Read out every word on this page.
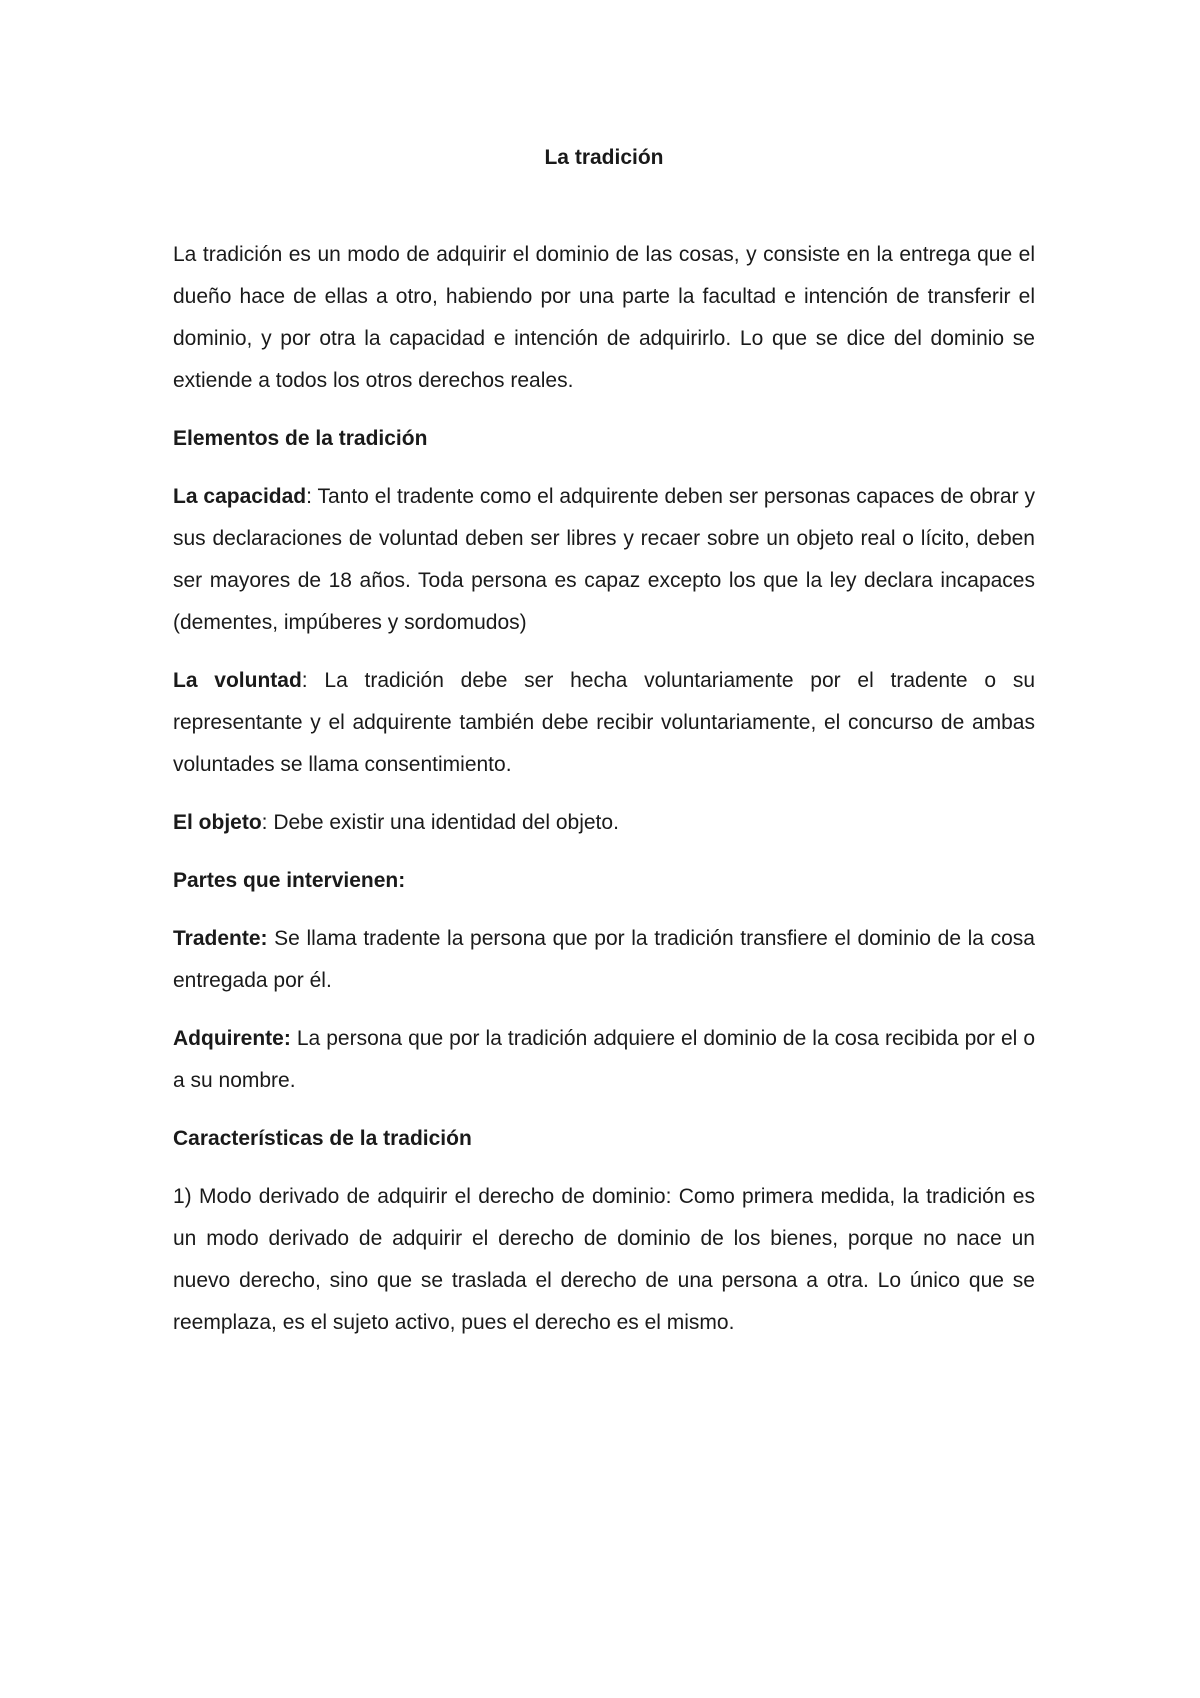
La tradición

La tradición es un modo de adquirir el dominio de las cosas, y consiste en la entrega que el dueño hace de ellas a otro, habiendo por una parte la facultad e intención de transferir el dominio, y por otra la capacidad e intención de adquirirlo. Lo que se dice del dominio se extiende a todos los otros derechos reales.

Elementos de la tradición

La capacidad: Tanto el tradente como el adquirente deben ser personas capaces de obrar y sus declaraciones de voluntad deben ser libres y recaer sobre un objeto real o lícito, deben ser mayores de 18 años. Toda persona es capaz excepto los que la ley declara incapaces (dementes, impúberes y sordomudos)

La voluntad: La tradición debe ser hecha voluntariamente por el tradente o su representante y el adquirente también debe recibir voluntariamente, el concurso de ambas voluntades se llama consentimiento.

El objeto: Debe existir una identidad del objeto.

Partes que intervienen:

Tradente: Se llama tradente la persona que por la tradición transfiere el dominio de la cosa entregada por él.

Adquirente: La persona que por la tradición adquiere el dominio de la cosa recibida por el o a su nombre.

Características de la tradición

1) Modo derivado de adquirir el derecho de dominio: Como primera medida, la tradición es un modo derivado de adquirir el derecho de dominio de los bienes, porque no nace un nuevo derecho, sino que se traslada el derecho de una persona a otra. Lo único que se reemplaza, es el sujeto activo, pues el derecho es el mismo.
